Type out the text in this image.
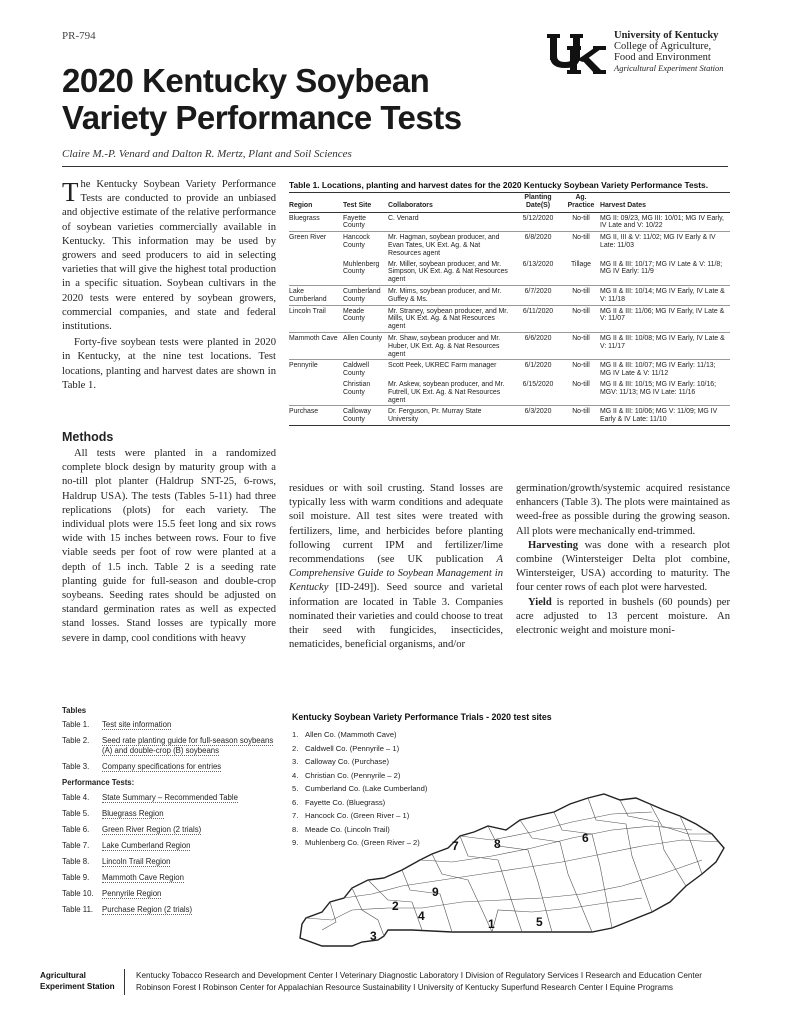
PR-794	University of Kentucky
College of Agriculture,
Food and Environment
Agricultural Experiment Station
2020 Kentucky Soybean
Variety Performance Tests
Claire M.-P. Venard and Dalton R. Mertz, Plant and Soil Sciences

The Kentucky Soybean Variety Performance Tests are conducted to provide an unbiased and objective estimate of the relative performance of soybean varieties commercially available in Kentucky. This information may be used by growers and seed producers to aid in selecting varieties that will give the highest total production in a specific situation. Soybean cultivars in the 2020 tests were entered by soybean growers, commercial companies, and state and federal institutions.

Forty-five soybean tests were planted in 2020 in Kentucky, at the nine test locations. Test locations, planting and harvest dates are shown in Table 1.

Methods

All tests were planted in a randomized complete block design by maturity group with a no-till plot planter (Haldrup SNT-25, 6-rows, Haldrup USA). The tests (Tables 5-11) had three replications (plots) for each variety. The individual plots were 15.5 feet long and six rows wide with 15 inches between rows. Four to five viable seeds per foot of row were planted at a depth of 1.5 inch. Table 2 is a seeding rate planting guide for full-season and double-crop soybeans. Seeding rates should be adjusted on standard germination rates as well as expected stand losses. Stand losses are typically more severe in damp, cool conditions with heavy

residues or with soil crusting. Stand losses are typically less with warm conditions and adequate soil moisture. All test sites were treated with fertilizers, lime, and herbicides before planting following current IPM and fertilizer/lime recommendations (see UK publication A Comprehensive Guide to Soybean Management in Kentucky [ID-249]). Seed source and varietal information are located in Table 3. Companies nominated their varieties and could choose to treat their seed with fungicides, insecticides, nematicides, beneficial organisms, and/or

germination/growth/systemic acquired resistance enhancers (Table 3). The plots were maintained as weed-free as possible during the growing season. All plots were mechanically end-trimmed.

Harvesting was done with a research plot combine (Wintersteiger Delta plot combine, Wintersteiger, USA) according to maturity. The four center rows of each plot were harvested.

Yield is reported in bushels (60 pounds) per acre adjusted to 13 percent moisture. An electronic weight and moisture moni-

Table 1. Locations, planting and harvest dates for the 2020 Kentucky Soybean Variety Performance Tests.
Region	Test Site	Collaborators	Planting Date(S)	Ag. Practice	Harvest Dates
Bluegrass	Fayette County	C. Venard	5/12/2020	No-till	MG II: 09/23, MG III: 10/01; MG IV Early, IV Late and V: 10/22
Green River	Hancock County	Mr. Hagman, soybean producer, and Evan Tates, UK Ext. Ag. & Nat Resources agent	6/8/2020	No-till	MG II, III & V: 11/02; MG IV Early & IV Late: 11/03
	Muhlenberg County	Mr. Miller, soybean producer, and Mr. Simpson, UK Ext. Ag. & Nat Resources agent	6/13/2020	Tillage	MG II & III: 10/17; MG IV Late & V: 11/8; MG IV Early: 11/9
Lake Cumberland	Cumberland County	Mr. Mims, soybean producer, and Mr. Guffey & Ms.	6/7/2020	No-till	MG II & III: 10/14; MG IV Early, IV Late & V: 11/18
Lincoln Trail	Meade County	Mr. Straney, soybean producer, and Mr. Mills, UK Ext. Ag. & Nat Resources agent	6/11/2020	No-till	MG II & III: 11/06; MG IV Early, IV Late & V: 11/07
Mammoth Cave	Allen County	Mr. Shaw, soybean producer and Mr. Huber, UK Ext. Ag. & Nat Resources agent	6/6/2020	No-till	MG II & III: 10/08; MG IV Early, IV Late & V: 11/17
Pennyrile	Caldwell County	Scott Peek, UKREC Farm manager	6/1/2020	No-till	MG II & III: 10/07; MG IV Early: 11/13; MG IV Late & V: 11/12
	Christian County	Mr. Askew, soybean producer, and Mr. Futrell, UK Ext. Ag. & Nat Resources agent	6/15/2020	No-till	MG II & III: 10/15; MG IV Early: 10/16; MGV: 11/13; MG IV Late: 11/16
Purchase	Calloway County	Dr. Ferguson, Pr. Murray State University	6/3/2020	No-till	MG II & III: 10/06; MG V: 11/09; MG IV Early & IV Late: 11/10
Tables
Table 1.	Test site information
Table 2.	Seed rate planting guide for full-season soybeans (A) and double-crop (B) soybeans
Table 3.	Company specifications for entries
Performance Tests:
Table 4.	State Summary – Recommended Table
Table 5.	Bluegrass Region
Table 6.	Green River Region (2 trials)
Table 7.	Lake Cumberland Region
Table 8.	Lincoln Trail Region
Table 9.	Mammoth Cave Region
Table 10.	Pennyrile Region
Table 11.	Purchase Region (2 trials)
Kentucky Soybean Variety Performance Trials - 2020 test sites
1. Allen Co. (Mammoth Cave)
2. Caldwell Co. (Pennyrile – 1)
3. Calloway Co. (Purchase)
4. Christian Co. (Pennyrile – 2)
5. Cumberland Co. (Lake Cumberland)
6. Fayette Co. (Bluegrass)
7. Hancock Co. (Green River – 1)
8. Meade Co. (Lincoln Trail)
9. Muhlenberg Co. (Green River – 2)
1
2
3
4	5
6
7	8
9
Agricultural
Experiment Station
Kentucky Tobacco Research and Development Center I Veterinary Diagnostic Laboratory I Division of Regulatory Services I Research and Education Center
Robinson Forest I Robinson Center for Appalachian Resource Sustainability I University of Kentucky Superfund Research Center I Equine Programs
